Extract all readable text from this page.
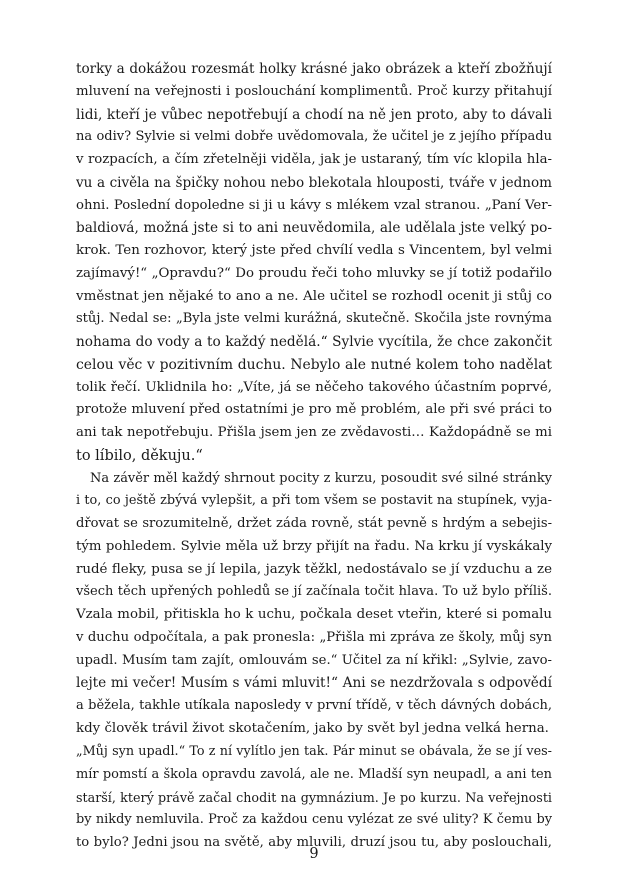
torky a dokážou rozesmát holky krásné jako obrázek a kteří zbožňují
mluvení na veřejnosti i poslouchání komplimentů. Proč kurzy přitahují
lidi, kteří je vůbec nepotřebují a chodí na ně jen proto, aby to dávali
na odiv? Sylvie si velmi dobře uvědomovala, že učitel je z jejího případu
v rozpacích, a čím zřetelněji viděla, jak je ustaraný, tím víc klopila hla-
vu a civěla na špičky nohou nebo blekotala hlouposti, tváře v jednom
ohni. Poslední dopoledne si ji u kávy s mlékem vzal stranou. „Paní Ver-
baldiová, možná jste si to ani neuvědomila, ale udělala jste velký po-
krok. Ten rozhovor, který jste před chvílí vedla s Vincentem, byl velmi
zajímavý!“ „Opravdu?“ Do proudu řeči toho mluvky se jí totiž podařilo
vměstnat jen nějaké to ano a ne. Ale učitel se rozhodl ocenit ji stůj co
stůj. Nedal se: „Byla jste velmi kurážná, skutečně. Skočila jste rovnýma
nohama do vody a to každý nedělá.“ Sylvie vycítila, že chce zakončit
celou věc v pozitivním duchu. Nebylo ale nutné kolem toho nadělat
tolik řečí. Uklidnila ho: „Víte, já se něčeho takového účastním poprvé,
protože mluvení před ostatními je pro mě problém, ale při své práci to
ani tak nepotřebuju. Přišla jsem jen ze zvědavosti… Každopádně se mi
to líbilo, děkuju.“
Na závěr měl každý shrnout pocity z kurzu, posoudit své silné stránky
i to, co ještě zbývá vylepšit, a při tom všem se postavit na stupínek, vyja-
dřovat se srozumitelně, držet záda rovně, stát pevně s hrdým a sebejis-
tým pohledem. Sylvie měla už brzy přijít na řadu. Na krku jí vyskákaly
rudé fleky, pusa se jí lepila, jazyk těžkl, nedostávalo se jí vzduchu a ze
všech těch upřených pohledů se jí začínala točit hlava. To už bylo příliš.
Vzala mobil, přitiskla ho k uchu, počkala deset vteřin, které si pomalu
v duchu odpočítala, a pak pronesla: „Přišla mi zpráva ze školy, můj syn
upadl. Musím tam zajít, omlouvám se.“ Učitel za ní křikl: „Sylvie, zavo-
lejte mi večer! Musím s vámi mluvit!“ Ani se nezdržovala s odpovědí
a běžela, takhle utíkala naposledy v první třídě, v těch dávných dobách,
kdy člověk trávil život skotačením, jako by svět byl jedna velká herna.
„Můj syn upadl.“ To z ní vylítlo jen tak. Pár minut se obávala, že se jí ves-
mír pomstí a škola opravdu zavolá, ale ne. Mladší syn neupadl, a ani ten
starší, který právě začal chodit na gymnázium. Je po kurzu. Na veřejnosti
by nikdy nemluvila. Proč za každou cenu vylézat ze své ulity? K čemu by
to bylo? Jedni jsou na světě, aby mluvili, druzí jsou tu, aby poslouchali,
9
